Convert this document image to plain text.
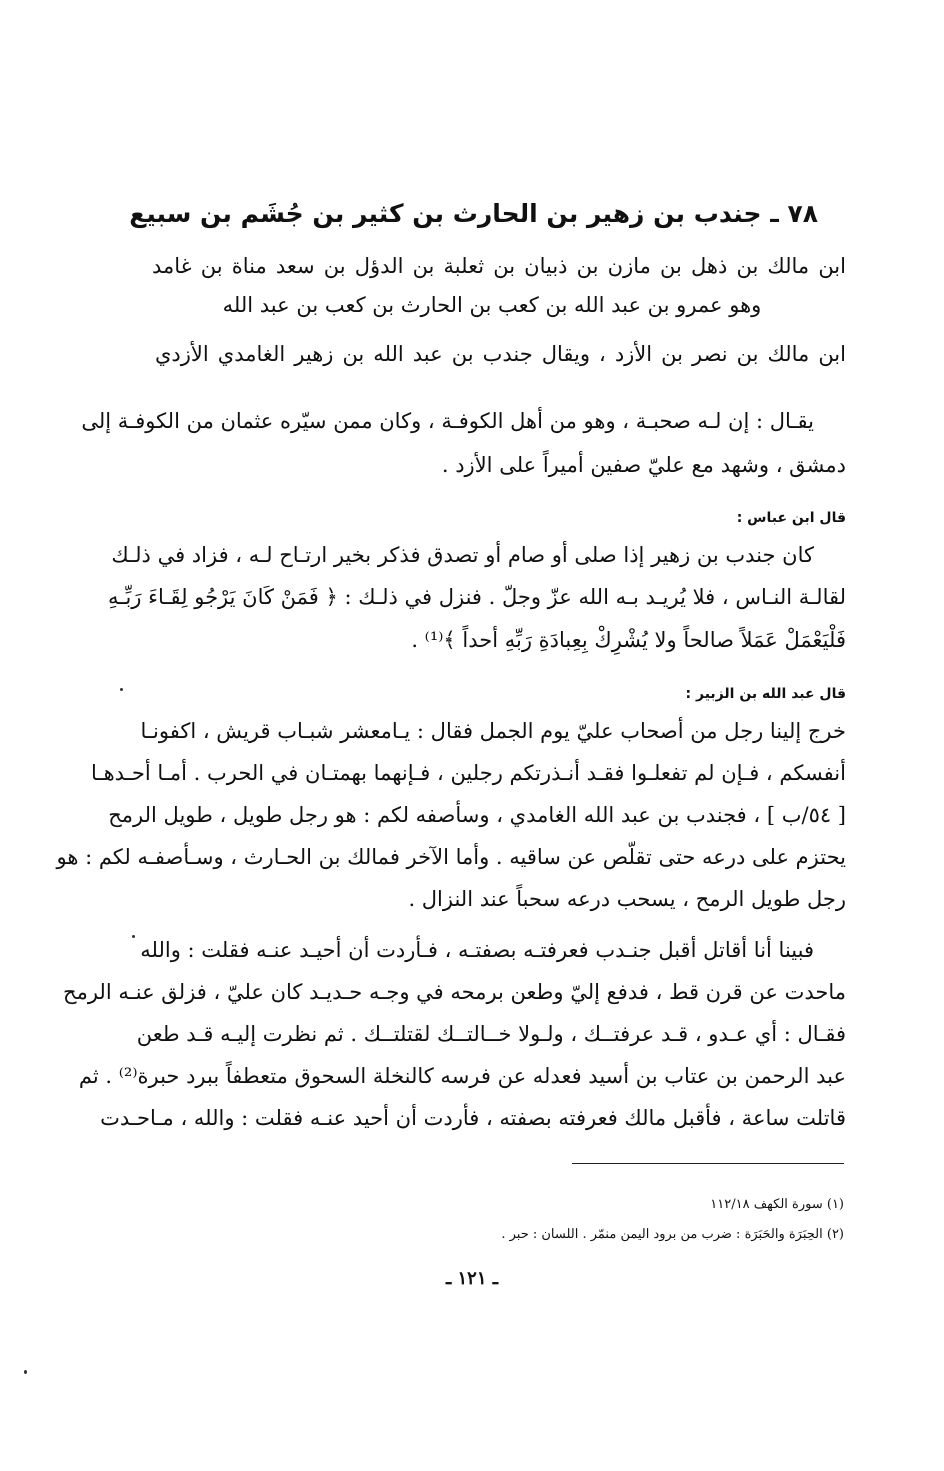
٧٨ ـ جندب بن زهير بن الحارث بن كثير بن جُشَم بن سبيع
ابن مالك بن ذهل بن مازن بن ذبيان بن ثعلبة بن الدؤل بن سعد مناة بن غامد
وهو عمرو بن عبد الله بن كعب بن الحارث بن كعب بن عبد الله
ابن مالك بن نصر بن الأزد ، ويقال جندب بن عبد الله بن زهير الغامدي الأزدي
يقـال : إن لـه صحبـة ، وهو من أهل الكوفـة ، وكان ممن سيّره عثمان من الكوفـة إلى
دمشق ، وشهد مع عليّ صفين أميراً على الأزد .
قال ابن عباس :
كان جندب بن زهير إذا صلى أو صام أو تصدق فذكر بخير ارتـاح لـه ، فزاد في ذلـك
لقالـة النـاس ، فلا يُريـد بـه الله عزّ وجلّ . فنزل في ذلـك : ﴿ فَمَنْ كَانَ يَرْجُو لِقَـاءَ رَبِّـهِ
فَلْيَعْمَلْ عَمَلاً صالحاً ولا يُشْرِكْ بِعِبادَةِ رَبِّهِ أحداً ﴾⁽¹⁾ .
قال عبد الله بن الزبير :
خرج إلينا رجل من أصحاب عليّ يوم الجمل فقال : يـامعشر شبـاب قريش ، اكفونـا
أنفسكم ، فـإن لم تفعلـوا فقـد أنـذرتكم رجلين ، فـإنهما بهمتـان في الحرب . أمـا أحـدهـا
[ ٥٤/ب ] ، فجندب بن عبد الله الغامدي ، وسأصفه لكم : هو رجل طويل ، طويل الرمح
يحتزم على درعه حتى تقلّص عن ساقيه . وأما الآخر فمالك بن الحـارث ، وسـأصفـه لكم : هو
رجل طويل الرمح ، يسحب درعه سحباً عند النزال .
فبينا أنا أقاتل أقبل جنـدب فعرفتـه بصفتـه ، فـأردت أن أحيـد عنـه فقلت : والله
ماحدت عن قرن قط ، فدفع إليّ وطعن برمحه في وجـه حـديـد كان عليّ ، فزلق عنـه الرمح
فقـال : أي عـدو ، قـد عرفتــك ، ولـولا خــالتــك لقتلتــك . ثم نظرت إليـه قـد طعن
عبد الرحمن بن عتاب بن أسيد فعدله عن فرسه كالنخلة السحوق متعطفاً ببرد حبرة⁽²⁾ . ثم
قاتلت ساعة ، فأقبل مالك فعرفته بصفته ، فأردت أن أحيد عنـه فقلت : والله ، مـاحـدت
(١) سورة الكهف ١١٢/١٨
(٢) الحِبَرَة والحَبَرَة : ضرب من برود اليمن منمّر . اللسان : حبر .
ـ ١٢١ ـ
